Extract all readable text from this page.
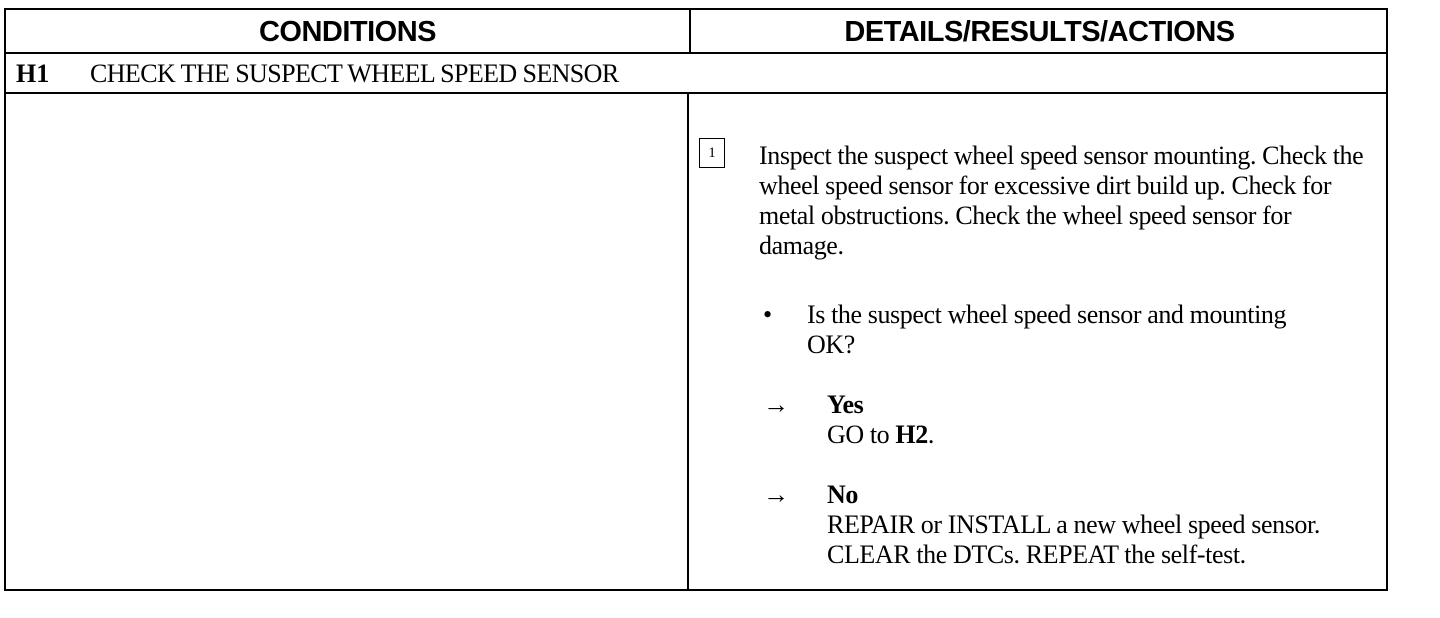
CONDITIONS	DETAILS/RESULTS/ACTIONS
H1 CHECK THE SUSPECT WHEEL SPEED SENSOR
1	Inspect the suspect wheel speed sensor mounting. Check the wheel speed sensor for excessive dirt build up. Check for metal obstructions. Check the wheel speed sensor for damage.
• Is the suspect wheel speed sensor and mounting OK?
→ Yes
GO to H2.
→ No
REPAIR or INSTALL a new wheel speed sensor. CLEAR the DTCs. REPEAT the self-test.
